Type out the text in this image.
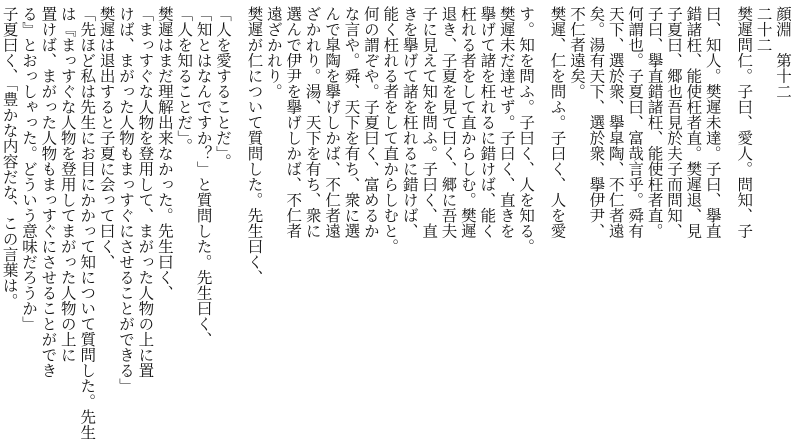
顔淵　第十二
二十二
樊遲問仁。子曰、愛人。問知、子
曰、知人。樊遲未達。子曰、擧直
錯諸枉、能使枉者直。樊遲退、見
子夏曰、郷也吾見於夫子而問知、
子曰、擧直錯諸枉、能使枉者直。
何謂也。子夏曰、富哉言乎。舜有
天下、選於衆、擧皐陶、不仁者遠
矣。湯有天下、選於衆、擧伊尹、
不仁者遠矣。
樊遲、仁を問ふ。子曰く、人を愛
す。知を問ふ。子曰く、人を知る。
樊遲未だ達せず。子曰く、直きを
擧げて諸を枉れるに錯けば、能く
枉れる者をして直からしむ。樊遲
退き、子夏を見て曰く、郷に吾夫
子に見えて知を問ふ。子曰く、直
きを擧げて諸を枉れるに錯けば、
能く枉れる者をして直からしむと。
何の謂ぞや。子夏曰く、富めるか
な言や。舜、天下を有ち、衆に選
んで皐陶を擧げしかば、不仁者遠
ざかれり。湯、天下を有ち、衆に
選んで伊尹を擧げしかば、不仁者
遠ざかれり。
樊遲が仁について質問した。先生曰く、
「人を愛することだ」。
「知とはなんですか？」と質問した。先生曰く、
「人を知ることだ」。
樊遲はまだ理解出来なかった。先生曰く、
「まっすぐな人物を登用して、まがった人物の上に置
けば、まがった人物もまっすぐにさせることができる」
樊遲は退出すると子夏に会って曰く、
「先ほど私は先生にお目にかかって知について質問した。先生
は『まっすぐな人物を登用してまがった人物の上に
置けば、まがった人物もまっすぐにさせることができ
る』とおっしゃった。どういう意味だろうか」
子夏曰く、「豊かな内容だな、この言葉は。
